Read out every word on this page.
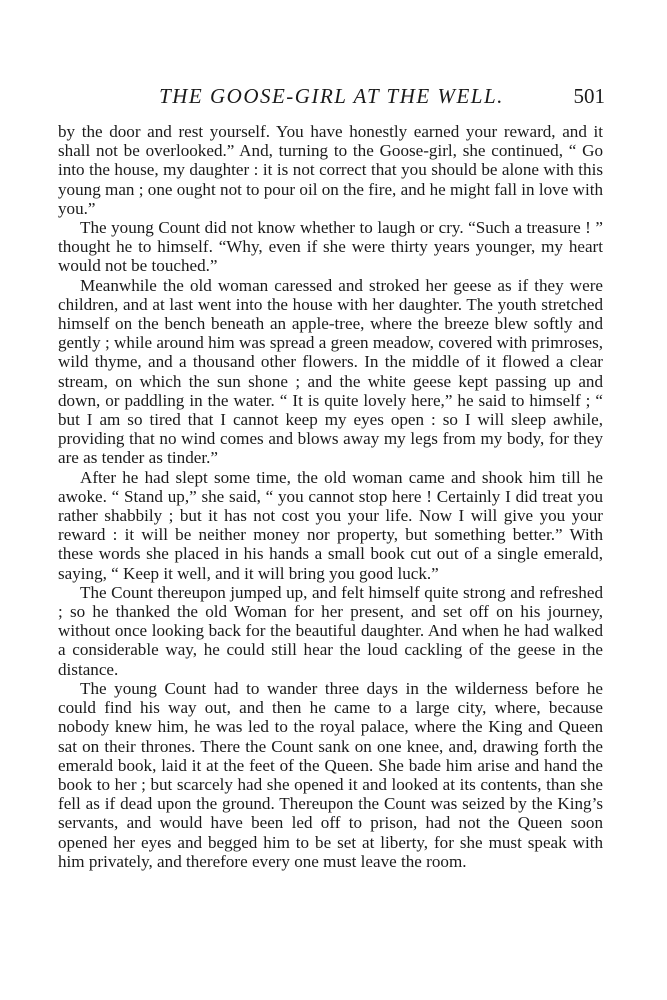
THE GOOSE-GIRL AT THE WELL.	501

by the door and rest yourself. You have honestly earned your reward, and it shall not be overlooked.” And, turning to the Goose-girl, she continued, “ Go into the house, my daughter : it is not correct that you should be alone with this young man ; one ought not to pour oil on the fire, and he might fall in love with you.”

The young Count did not know whether to laugh or cry. “Such a treasure ! ” thought he to himself. “Why, even if she were thirty years younger, my heart would not be touched.”

Meanwhile the old woman caressed and stroked her geese as if they were children, and at last went into the house with her daughter. The youth stretched himself on the bench beneath an apple-tree, where the breeze blew softly and gently ; while around him was spread a green meadow, covered with primroses, wild thyme, and a thousand other flowers. In the middle of it flowed a clear stream, on which the sun shone ; and the white geese kept passing up and down, or paddling in the water. “ It is quite lovely here,” he said to himself ; “ but I am so tired that I cannot keep my eyes open : so I will sleep awhile, providing that no wind comes and blows away my legs from my body, for they are as tender as tinder.”

After he had slept some time, the old woman came and shook him till he awoke. “ Stand up,” she said, “ you cannot stop here ! Certainly I did treat you rather shabbily ; but it has not cost you your life. Now I will give you your reward : it will be neither money nor property, but something better.” With these words she placed in his hands a small book cut out of a single emerald, saying, “ Keep it well, and it will bring you good luck.”

The Count thereupon jumped up, and felt himself quite strong and refreshed ; so he thanked the old Woman for her present, and set off on his journey, without once looking back for the beautiful daughter. And when he had walked a considerable way, he could still hear the loud cackling of the geese in the distance.

The young Count had to wander three days in the wilderness before he could find his way out, and then he came to a large city, where, because nobody knew him, he was led to the royal palace, where the King and Queen sat on their thrones. There the Count sank on one knee, and, drawing forth the emerald book, laid it at the feet of the Queen. She bade him arise and hand the book to her ; but scarcely had she opened it and looked at its contents, than she fell as if dead upon the ground. Thereupon the Count was seized by the King’s servants, and would have been led off to prison, had not the Queen soon opened her eyes and begged him to be set at liberty, for she must speak with him privately, and therefore every one must leave the room.
